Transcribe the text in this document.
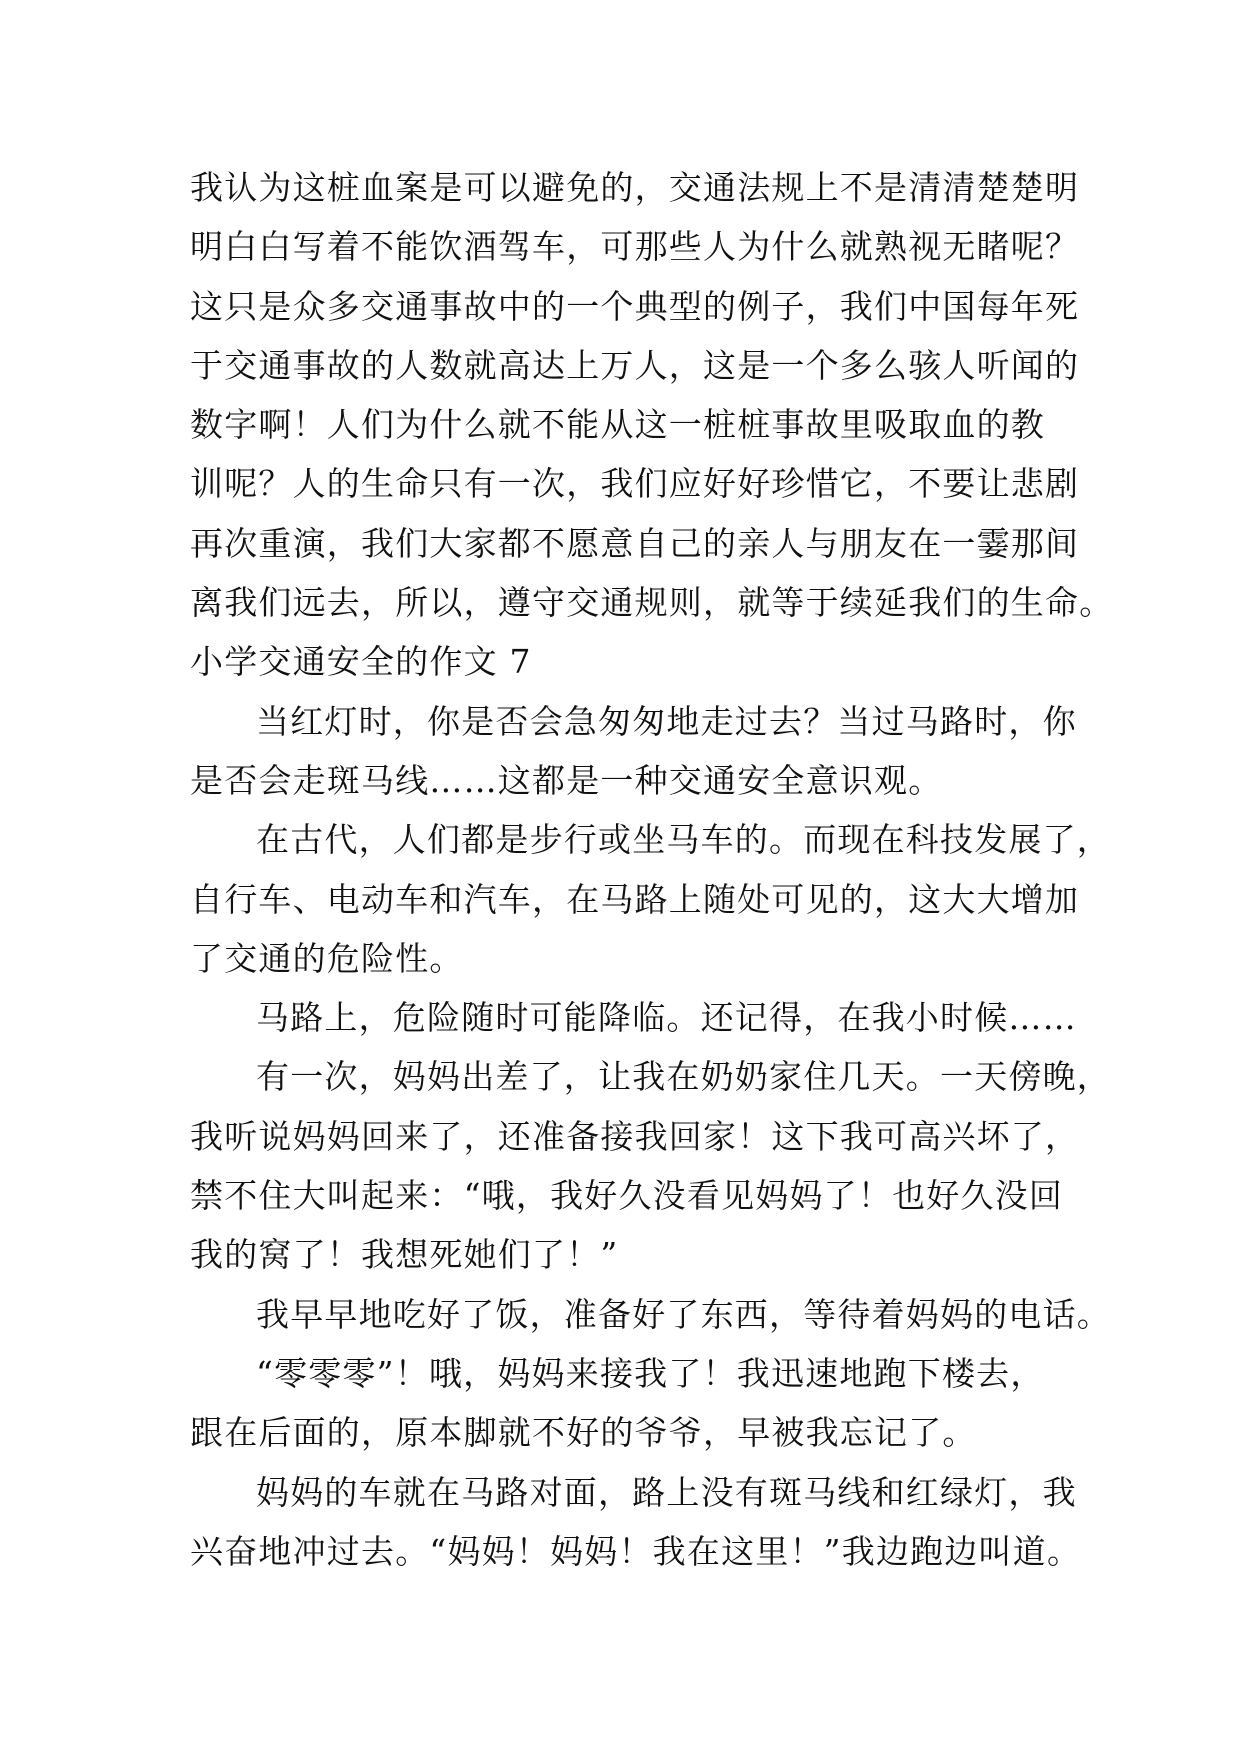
我认为这桩血案是可以避免的，交通法规上不是清清楚楚明
明白白写着不能饮酒驾车，可那些人为什么就熟视无睹呢？
这只是众多交通事故中的一个典型的例子，我们中国每年死
于交通事故的人数就高达上万人，这是一个多么骇人听闻的
数字啊！人们为什么就不能从这一桩桩事故里吸取血的教
训呢？人的生命只有一次，我们应好好珍惜它，不要让悲剧
再次重演，我们大家都不愿意自己的亲人与朋友在一霎那间
离我们远去，所以，遵守交通规则，就等于续延我们的生命。
小学交通安全的作文 7
当红灯时，你是否会急匆匆地走过去？当过马路时，你
是否会走斑马线……这都是一种交通安全意识观。
在古代，人们都是步行或坐马车的。而现在科技发展了，
自行车、电动车和汽车，在马路上随处可见的，这大大增加
了交通的危险性。
马路上，危险随时可能降临。还记得，在我小时候……
有一次，妈妈出差了，让我在奶奶家住几天。一天傍晚，
我听说妈妈回来了，还准备接我回家！这下我可高兴坏了，
禁不住大叫起来：“哦，我好久没看见妈妈了！也好久没回
我的窝了！我想死她们了！”
我早早地吃好了饭，准备好了东西，等待着妈妈的电话。
“零零零”！哦，妈妈来接我了！我迅速地跑下楼去，
跟在后面的，原本脚就不好的爷爷，早被我忘记了。
妈妈的车就在马路对面，路上没有斑马线和红绿灯，我
兴奋地冲过去。“妈妈！妈妈！我在这里！”我边跑边叫道。
